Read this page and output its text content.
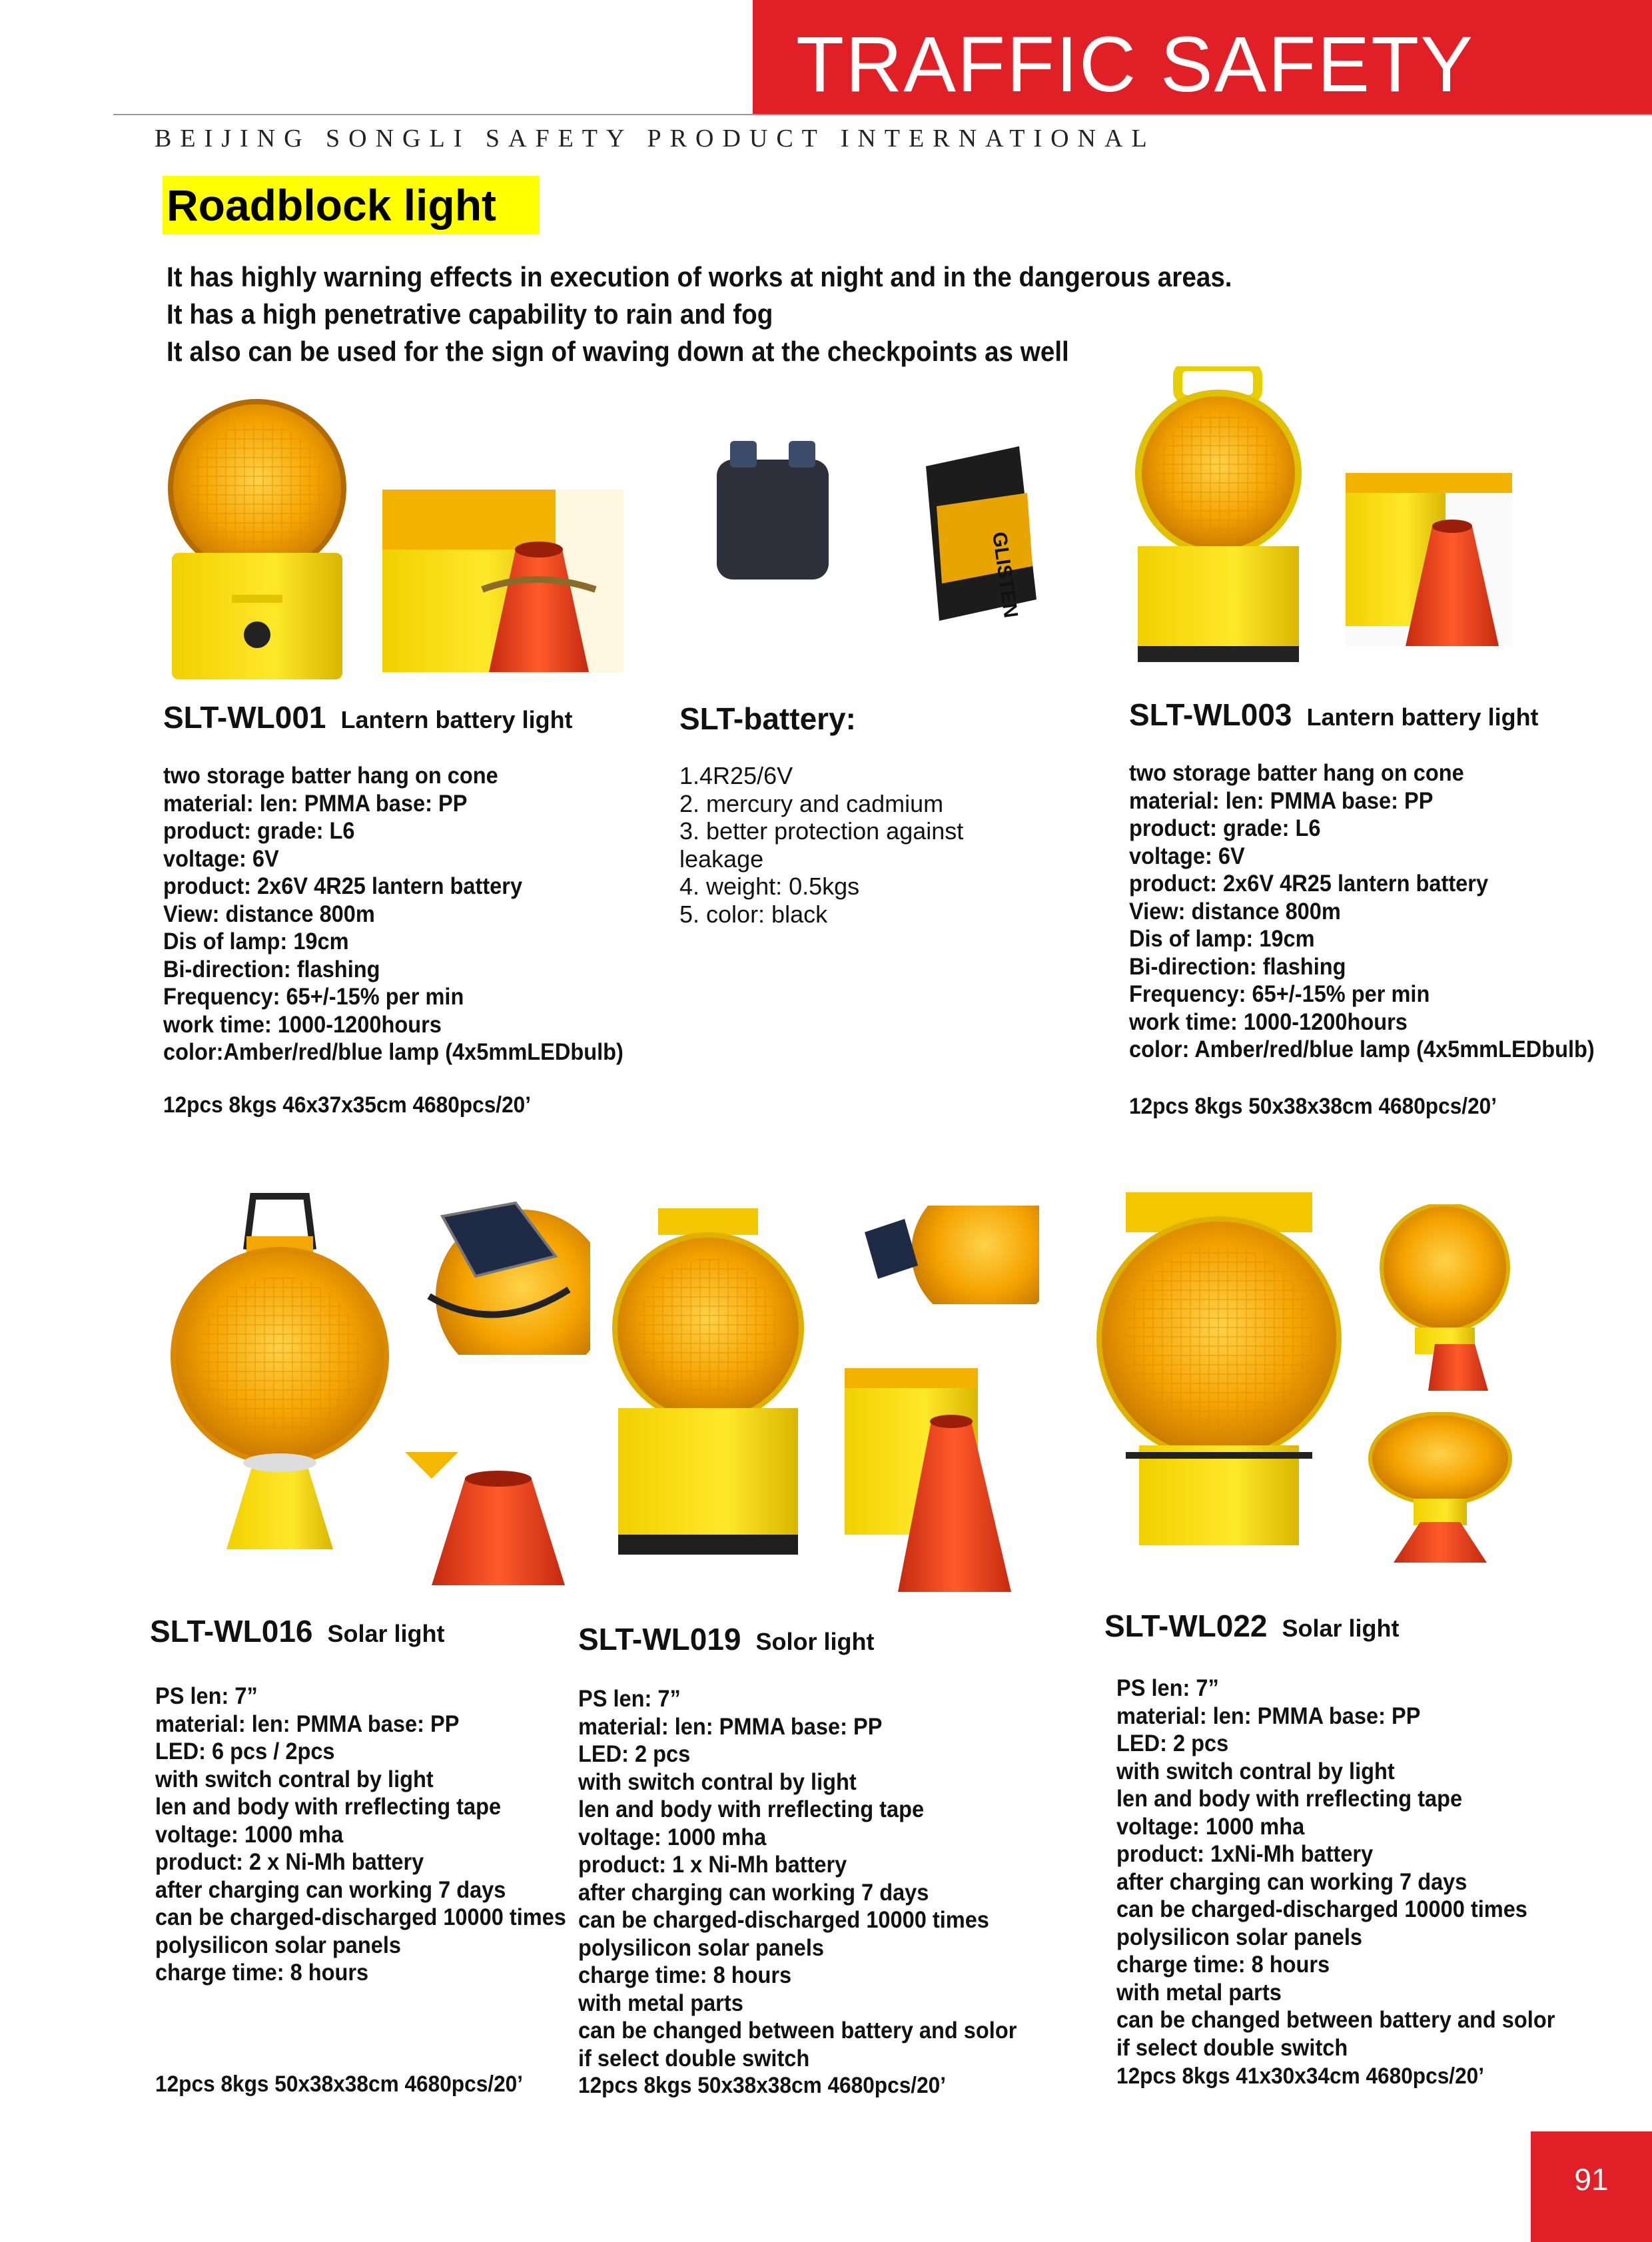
TRAFFIC SAFETY
BEIJING SONGLI SAFETY PRODUCT INTERNATIONAL
Roadblock light
It has highly warning effects in execution of works at night and in the dangerous areas.
It has a high penetrative capability to rain and fog
It also can be used for the sign of waving down at the checkpoints as well
GLISTEN
SLT-WL001 Lantern battery light
two storage batter hang on cone
material: len: PMMA base: PP
product: grade: L6
voltage: 6V
product: 2x6V 4R25 lantern battery
View: distance 800m
Dis of lamp: 19cm
Bi-direction: flashing
Frequency: 65+/-15% per min
work time: 1000-1200hours
color:Amber/red/blue lamp (4x5mmLEDbulb)
12pcs 8kgs 46x37x35cm 4680pcs/20’
SLT-battery:
1.4R25/6V
2. mercury and cadmium
3. better protection against
leakage
4. weight: 0.5kgs
5. color: black
SLT-WL003 Lantern battery light
two storage batter hang on cone
material: len: PMMA base: PP
product: grade: L6
voltage: 6V
product: 2x6V 4R25 lantern battery
View: distance 800m
Dis of lamp: 19cm
Bi-direction: flashing
Frequency: 65+/-15% per min
work time: 1000-1200hours
color: Amber/red/blue lamp (4x5mmLEDbulb)
12pcs 8kgs 50x38x38cm 4680pcs/20’
SLT-WL016 Solar light
PS len: 7”
material: len: PMMA base: PP
LED: 6 pcs / 2pcs
with switch contral by light
len and body with rreflecting tape
voltage: 1000 mha
product: 2 x Ni-Mh battery
after charging can working 7 days
can be charged-discharged 10000 times
polysilicon solar panels
charge time: 8 hours
12pcs 8kgs 50x38x38cm 4680pcs/20’
SLT-WL019 Solor light
PS len: 7”
material: len: PMMA base: PP
LED: 2 pcs
with switch contral by light
len and body with rreflecting tape
voltage: 1000 mha
product: 1 x Ni-Mh battery
after charging can working 7 days
can be charged-discharged 10000 times
polysilicon solar panels
charge time: 8 hours
with metal parts
can be changed between battery and solor
if select double switch
12pcs 8kgs 50x38x38cm 4680pcs/20’
SLT-WL022 Solar light
PS len: 7”
material: len: PMMA base: PP
LED: 2 pcs
with switch contral by light
len and body with rreflecting tape
voltage: 1000 mha
product: 1xNi-Mh battery
after charging can working 7 days
can be charged-discharged 10000 times
polysilicon solar panels
charge time: 8 hours
with metal parts
can be changed between battery and solor
if select double switch
12pcs 8kgs 41x30x34cm 4680pcs/20’
91
